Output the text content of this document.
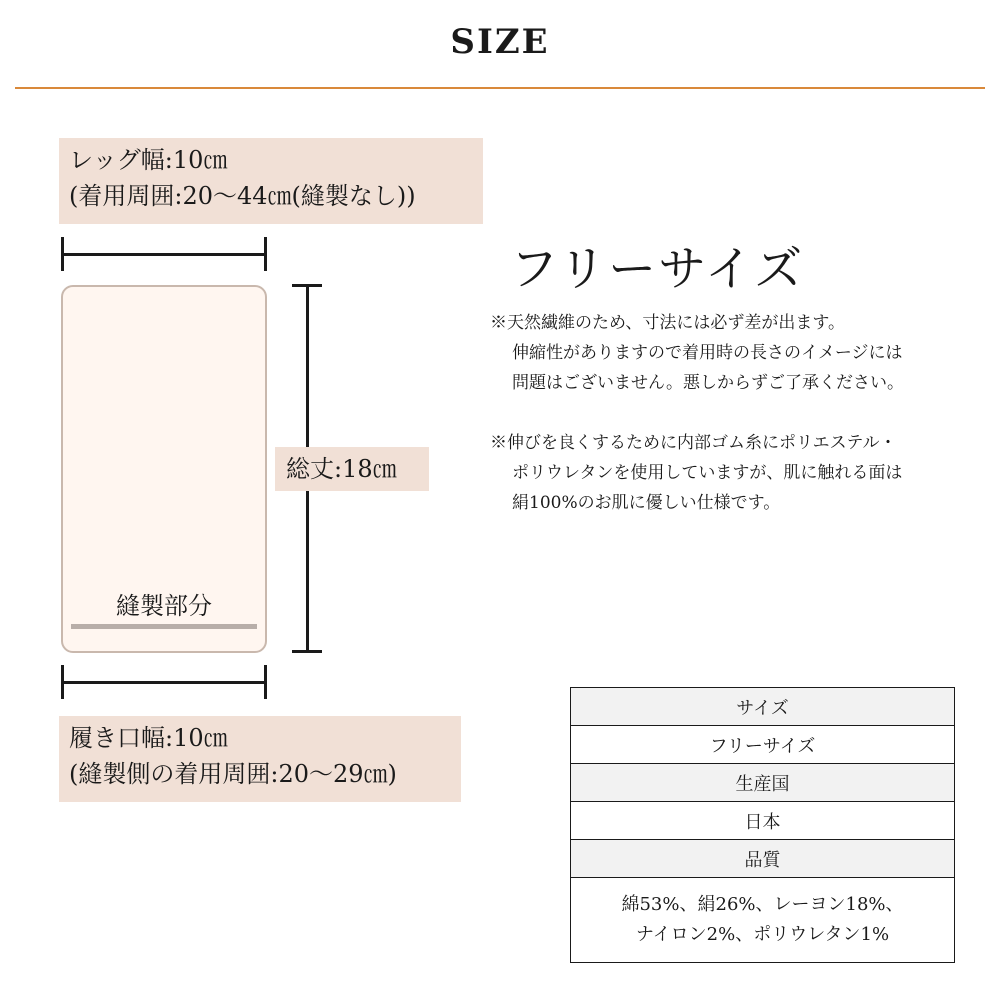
SIZE
レッグ幅:10㎝
(着用周囲:20〜44㎝(縫製なし))
縫製部分
総丈:18㎝
履き口幅:10㎝
(縫製側の着用周囲:20〜29㎝)
フリーサイズ
※天然繊維のため、寸法には必ず差が出ます。
伸縮性がありますので着用時の長さのイメージには
問題はございません。悪しからずご了承ください。
※伸びを良くするために内部ゴム糸にポリエステル・
ポリウレタンを使用していますが、肌に触れる面は
絹100%のお肌に優しい仕様です。
サイズ
フリーサイズ
生産国
日本
品質

綿53%、絹26%、レーヨン18%、
ナイロン2%、ポリウレタン1%
